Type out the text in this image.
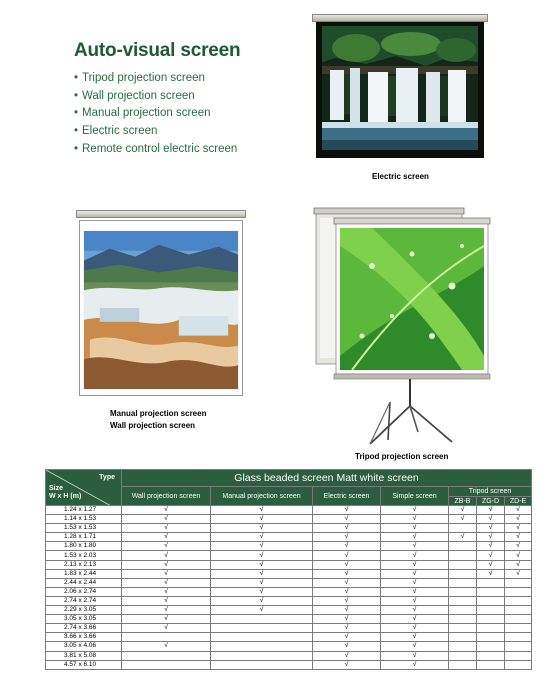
Auto-visual screen
• Tripod projection screen
• Wall projection screen
• Manual projection screen
• Electric screen
• Remote control electric screen
Electric screen
Manual projection screen
Wall projection screen
Tripod projection screen
Type
Size
W x H (m)	Glass beaded screen Matt white screen						
	Wall projection screen	Manual projection screen	Electric screen	Simple screen	Tripod screen		
					ZB-B	ZG-D	ZD-E
1.24 x 1.27	√	√	√	√	√	√	√
1.14 x 1.53	√	√	√	√	√	√	√
1.53 x 1.53	√	√	√	√		√	√
1.28 x 1.71	√	√	√	√	√	√	√
1.80 x 1.80	√	√	√	√		√	√
1.53 x 2.03	√	√	√	√		√	√
2.13 x 2.13	√	√	√	√		√	√
1.83 x 2.44	√	√	√	√		√	√
2.44 x 2.44	√	√	√	√			
2.06 x 2.74	√	√	√	√			
2.74 x 2.74	√	√	√	√			
2.29 x 3.05	√	√	√	√			
3.05 x 3.05	√		√	√			
2.74 x 3.66	√		√	√			
3.66 x 3.66			√	√			
3.05 x 4.06	√		√	√			
3.81 x 5.08			√	√			
4.57 x 6.10			√	√			
